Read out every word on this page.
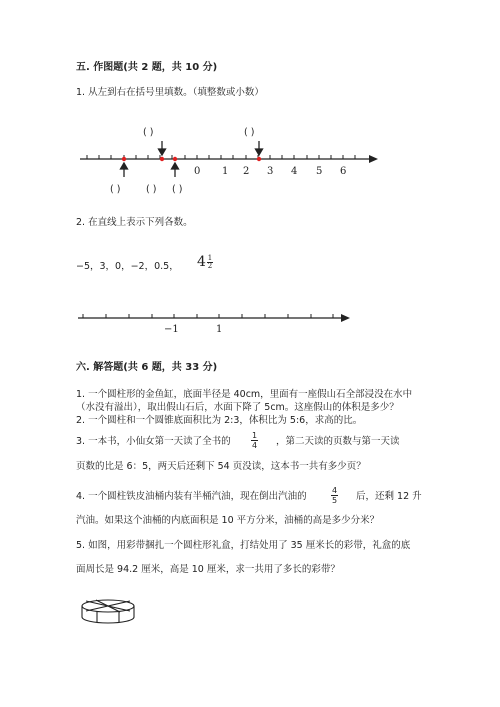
五. 作图题(共 2 题，共 10 分)
1. 从左到右在括号里填数。（填整数或小数）
( )	( )
( )	( ) ( )
0 1 2 3 4 5 6
−1	1
2. 在直线上表示下列各数。
−5，3，0，−2，0.5， 4 1
2
六. 解答题(共 6 题，共 33 分)
1. 一个圆柱形的金鱼缸，底面半径是 40cm，里面有一座假山石全部浸没在水中
（水没有溢出），取出假山石后，水面下降了 5cm。这座假山的体积是多少？
2. 一个圆柱和一个圆锥底面积比为 2:3，体积比为 5:6，求高的比。
3. 一本书，小仙女第一天读了全书的
1
4 ，第二天读的页数与第一天读
页数的比是 6：5，两天后还剩下 54 页没读，这本书一共有多少页？
4. 一个圆柱铁皮油桶内装有半桶汽油，现在倒出汽油的
4
5 后，还剩 12 升
汽油。如果这个油桶的内底面积是 10 平方分米，油桶的高是多少分米？
5. 如图，用彩带捆扎一个圆柱形礼盒，打结处用了 35 厘米长的彩带，礼盒的底
面周长是 94.2 厘米，高是 10 厘米，求一共用了多长的彩带？
